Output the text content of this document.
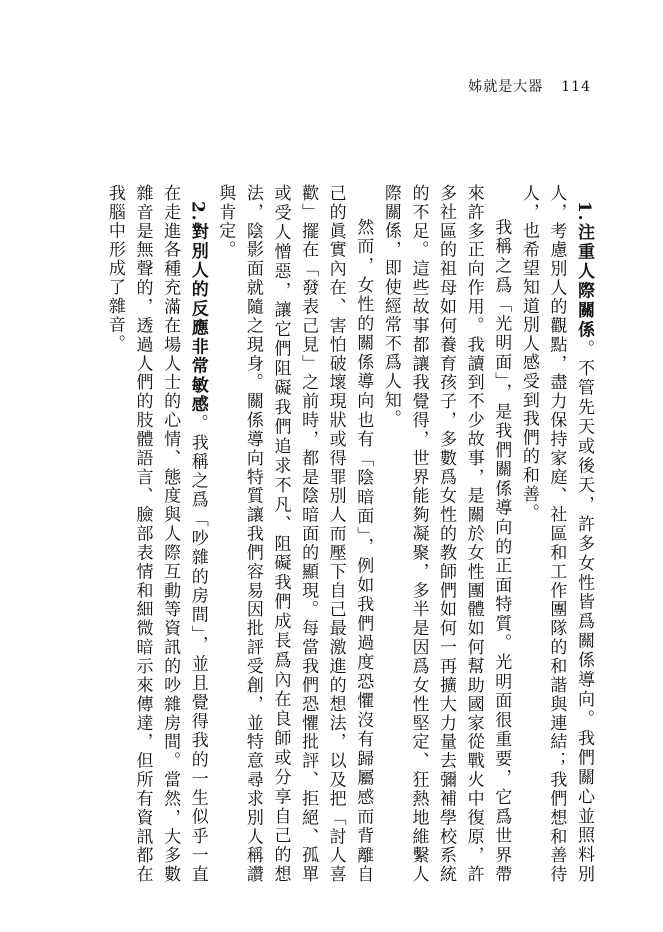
姊就是大器 114

1.注重人際關係。不管先天或後天，許多女性皆爲關係導向。我們關心並照料別人，考慮別人的觀點，盡力保持家庭、社區和工作團隊的和諧與連結；我們想和善待人，也希望知道別人感受到我們的和善。

我稱之爲「光明面」，是我們關係導向的正面特質。光明面很重要，它爲世界帶來許多正向作用。我讀到不少故事，是關於女性團體如何幫助國家從戰火中復原，許多社區的祖母如何養育孩子，多數爲女性的教師們如何一再擴大力量去彌補學校系統的不足。這些故事都讓我覺得，世界能夠凝聚，多半是因爲女性堅定、狂熱地維繫人際關係，即使經常不爲人知。

然而，女性的關係導向也有「陰暗面」，例如我們過度恐懼沒有歸屬感而背離自己的眞實內在、害怕破壞現狀或得罪別人而壓下自己最激進的想法，以及把「討人喜歡」擺在「發表己見」之前時，都是陰暗面的顯現。每當我們恐懼批評、拒絕、孤單或受人憎惡，讓它們阻礙我們追求不凡、阻礙我們成長爲內在良師或分享自己的想法，陰影面就隨之現身。關係導向特質讓我們容易因批評受創，並特意尋求別人稱讚與肯定。

2.對別人的反應非常敏感。我稱之爲「吵雜的房間」，並且覺得我的一生似乎一直在走進各種充滿在場人士的心情、態度與人際互動等資訊的吵雜房間。當然，大多數雜音是無聲的，透過人們的肢體語言、臉部表情和細微暗示來傳達，但所有資訊都在我腦中形成了雜音。
